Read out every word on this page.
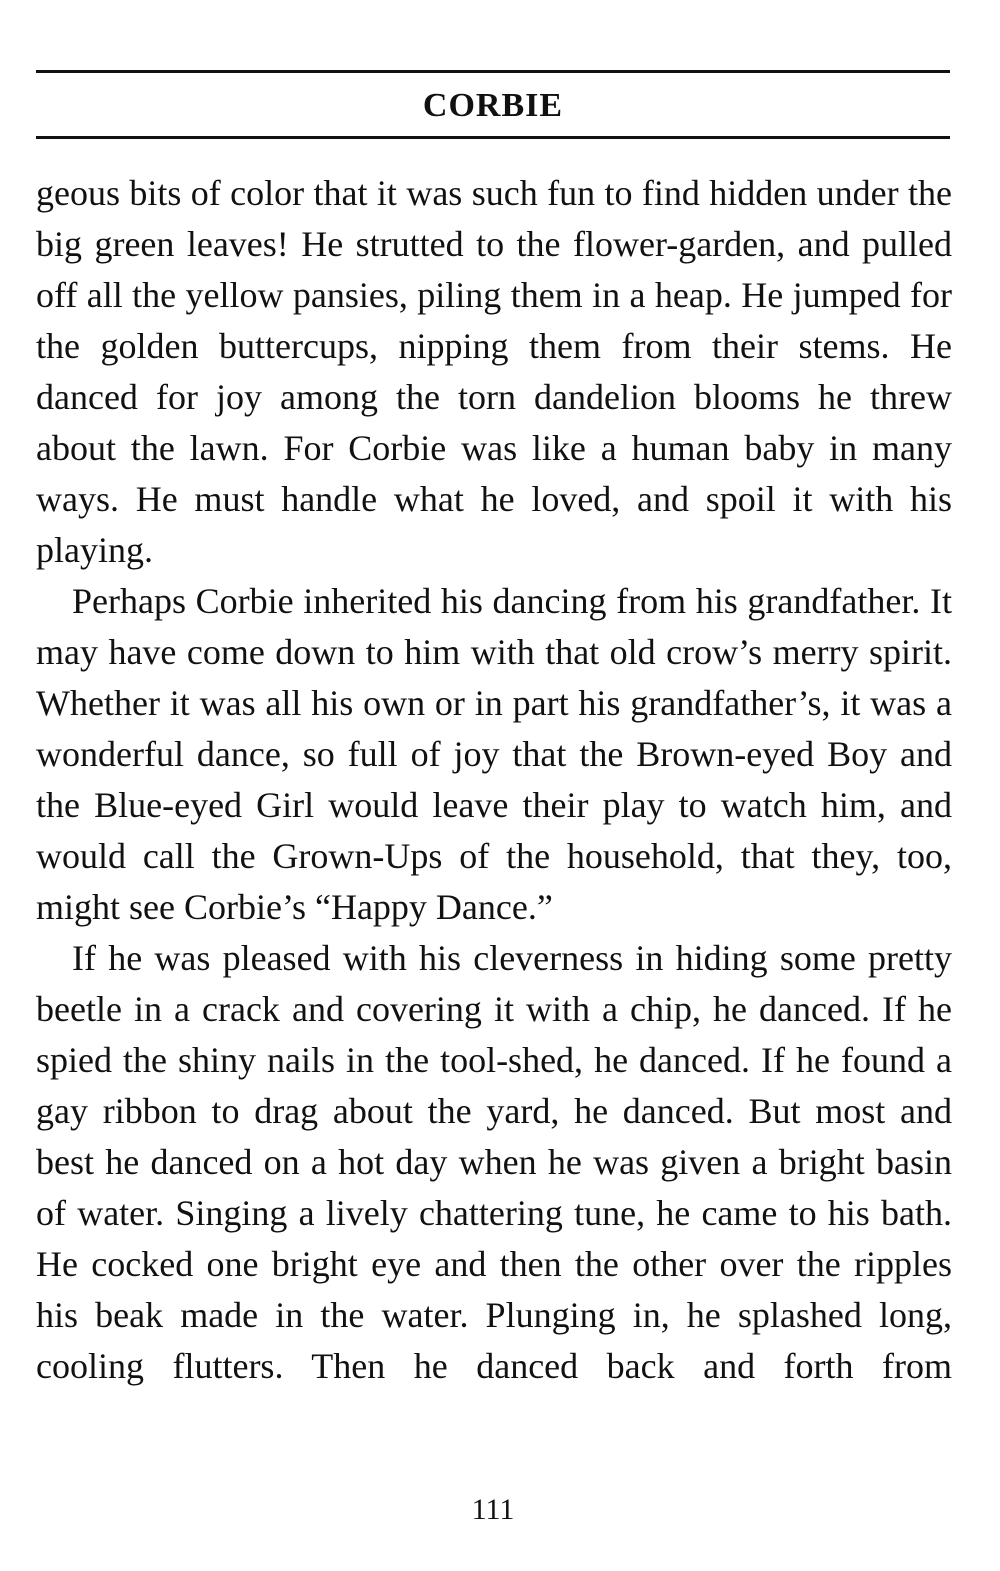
CORBIE

geous bits of color that it was such fun to find hidden under the big green leaves! He strutted to the flower-garden, and pulled off all the yellow pansies, piling them in a heap. He jumped for the golden buttercups, nipping them from their stems. He danced for joy among the torn dandelion blooms he threw about the lawn. For Corbie was like a human baby in many ways. He must handle what he loved, and spoil it with his playing.

Perhaps Corbie inherited his dancing from his grandfather. It may have come down to him with that old crow’s merry spirit. Whether it was all his own or in part his grandfather’s, it was a wonderful dance, so full of joy that the Brown-eyed Boy and the Blue-eyed Girl would leave their play to watch him, and would call the Grown-Ups of the household, that they, too, might see Corbie’s “Happy Dance.”

If he was pleased with his cleverness in hiding some pretty beetle in a crack and covering it with a chip, he danced. If he spied the shiny nails in the tool-shed, he danced. If he found a gay ribbon to drag about the yard, he danced. But most and best he danced on a hot day when he was given a bright basin of water. Singing a lively chattering tune, he came to his bath. He cocked one bright eye and then the other over the ripples his beak made in the water. Plunging in, he splashed long, cooling flutters. Then he danced back and forth from

111
